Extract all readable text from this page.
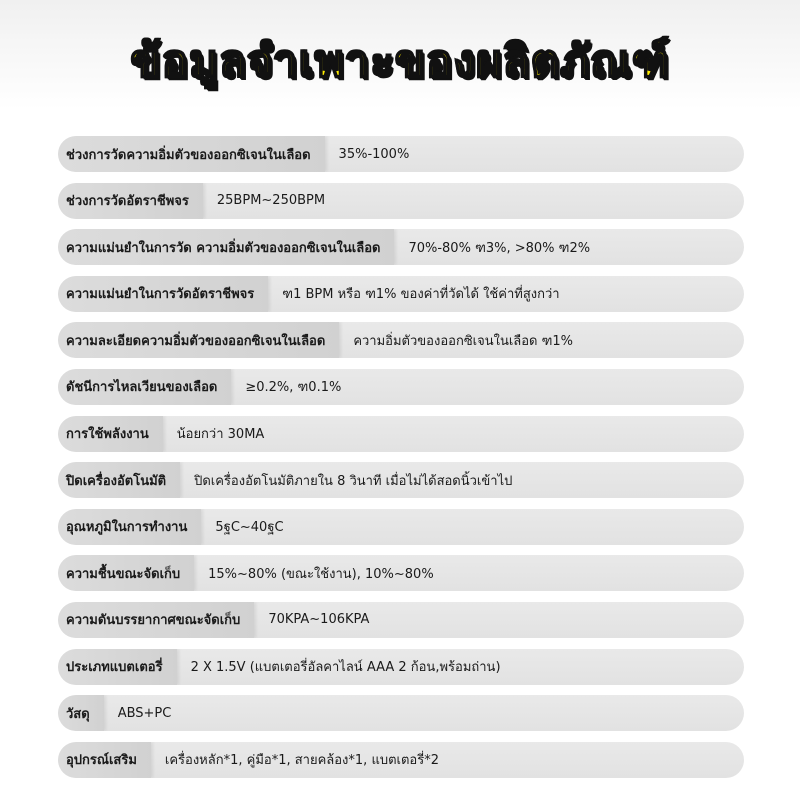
ข้อมูลจำเพาะของผลิตภัณฑ์
ช่วงการวัดความอิ่มตัวของออกซิเจนในเลือด	35%-100%
ช่วงการวัดอัตราชีพจร	25BPM~250BPM
ความแม่นยำในการวัด ความอิ่มตัวของออกซิเจนในเลือด	70%-80% ฑ3%, >80% ฑ2%
ความแม่นยำในการวัดอัตราชีพจร	ฑ1 BPM หรือ ฑ1% ของค่าที่วัดได้ ใช้ค่าที่สูงกว่า
ความละเอียดความอิ่มตัวของออกซิเจนในเลือด	ความอิ่มตัวของออกซิเจนในเลือด ฑ1%
ดัชนีการไหลเวียนของเลือด	≥0.2%, ฑ0.1%
การใช้พลังงาน	น้อยกว่า 30MA
ปิดเครื่องอัตโนมัติ	ปิดเครื่องอัตโนมัติภายใน 8 วินาที เมื่อไม่ได้สอดนิ้วเข้าไป
อุณหภูมิในการทำงาน	5ฐC~40ฐC
ความชื้นขณะจัดเก็บ	15%~80% (ขณะใช้งาน), 10%~80%
ความดันบรรยากาศขณะจัดเก็บ	70KPA~106KPA
ประเภทแบตเตอรี่	2 X 1.5V (แบตเตอรี่อัลคาไลน์ AAA 2 ก้อน,พร้อมถ่าน)
วัสดุ	ABS+PC
อุปกรณ์เสริม	เครื่องหลัก*1, คู่มือ*1, สายคล้อง*1, แบตเตอรี่*2
